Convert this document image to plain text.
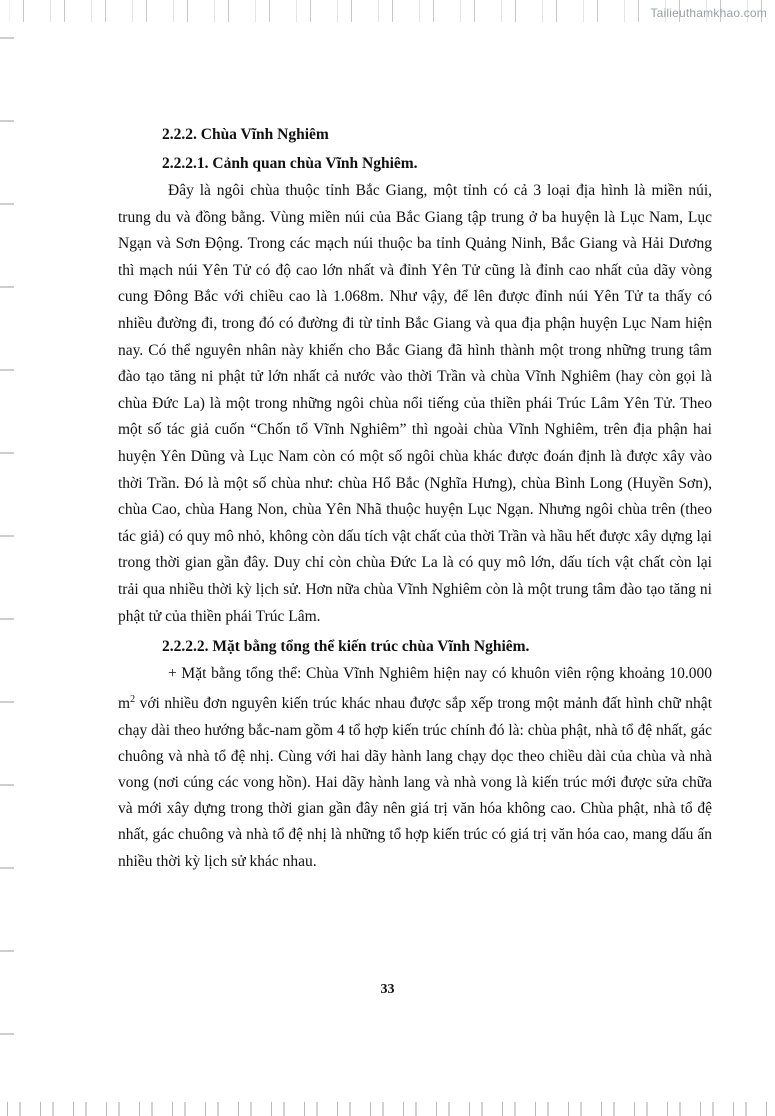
Tailieuthamkhao.com
2.2.2. Chùa Vĩnh Nghiêm
2.2.2.1. Cảnh quan chùa Vĩnh Nghiêm.

Đây là ngôi chùa thuộc tỉnh Bắc Giang, một tỉnh có cả 3 loại địa hình là miền núi, trung du và đồng bằng. Vùng miền núi của Bắc Giang tập trung ở ba huyện là Lục Nam, Lục Ngạn và Sơn Động. Trong các mạch núi thuộc ba tỉnh Quảng Ninh, Bắc Giang và Hải Dương thì mạch núi Yên Tử có độ cao lớn nhất và đỉnh Yên Tử cũng là đỉnh cao nhất của dãy vòng cung Đông Bắc với chiều cao là 1.068m. Như vậy, để lên được đỉnh núi Yên Tử ta thấy có nhiều đường đi, trong đó có đường đi từ tỉnh Bắc Giang và qua địa phận huyện Lục Nam hiện nay. Có thể nguyên nhân này khiến cho Bắc Giang đã hình thành một trong những trung tâm đào tạo tăng ni phật tử lớn nhất cả nước vào thời Trần và chùa Vĩnh Nghiêm (hay còn gọi là chùa Đức La) là một trong những ngôi chùa nổi tiếng của thiền phái Trúc Lâm Yên Tử. Theo một số tác giả cuốn “Chốn tổ Vĩnh Nghiêm” thì ngoài chùa Vĩnh Nghiêm, trên địa phận hai huyện Yên Dũng và Lục Nam còn có một số ngôi chùa khác được đoán định là được xây vào thời Trần. Đó là một số chùa như: chùa Hổ Bắc (Nghĩa Hưng), chùa Bình Long (Huyền Sơn), chùa Cao, chùa Hang Non, chùa Yên Nhã thuộc huyện Lục Ngạn. Nhưng ngôi chùa trên (theo tác giả) có quy mô nhỏ, không còn dấu tích vật chất của thời Trần và hầu hết được xây dựng lại trong thời gian gần đây. Duy chỉ còn chùa Đức La là có quy mô lớn, dấu tích vật chất còn lại trải qua nhiều thời kỳ lịch sử. Hơn nữa chùa Vĩnh Nghiêm còn là một trung tâm đào tạo tăng ni phật tử của thiền phái Trúc Lâm.

2.2.2.2. Mặt bằng tổng thể kiến trúc chùa Vĩnh Nghiêm.

+ Mặt bằng tổng thể: Chùa Vĩnh Nghiêm hiện nay có khuôn viên rộng khoảng 10.000 $m^2$ với nhiều đơn nguyên kiến trúc khác nhau được sắp xếp trong một mảnh đất hình chữ nhật chạy dài theo hướng bắc-nam gồm 4 tổ hợp kiến trúc chính đó là: chùa phật, nhà tổ đệ nhất, gác chuông và nhà tổ đệ nhị. Cùng với hai dãy hành lang chạy dọc theo chiều dài của chùa và nhà vong (nơi cúng các vong hồn). Hai dãy hành lang và nhà vong là kiến trúc mới được sửa chữa và mới xây dựng trong thời gian gần đây nên giá trị văn hóa không cao. Chùa phật, nhà tổ đệ nhất, gác chuông và nhà tổ đệ nhị là những tổ hợp kiến trúc có giá trị văn hóa cao, mang dấu ấn nhiều thời kỳ lịch sử khác nhau.

33
